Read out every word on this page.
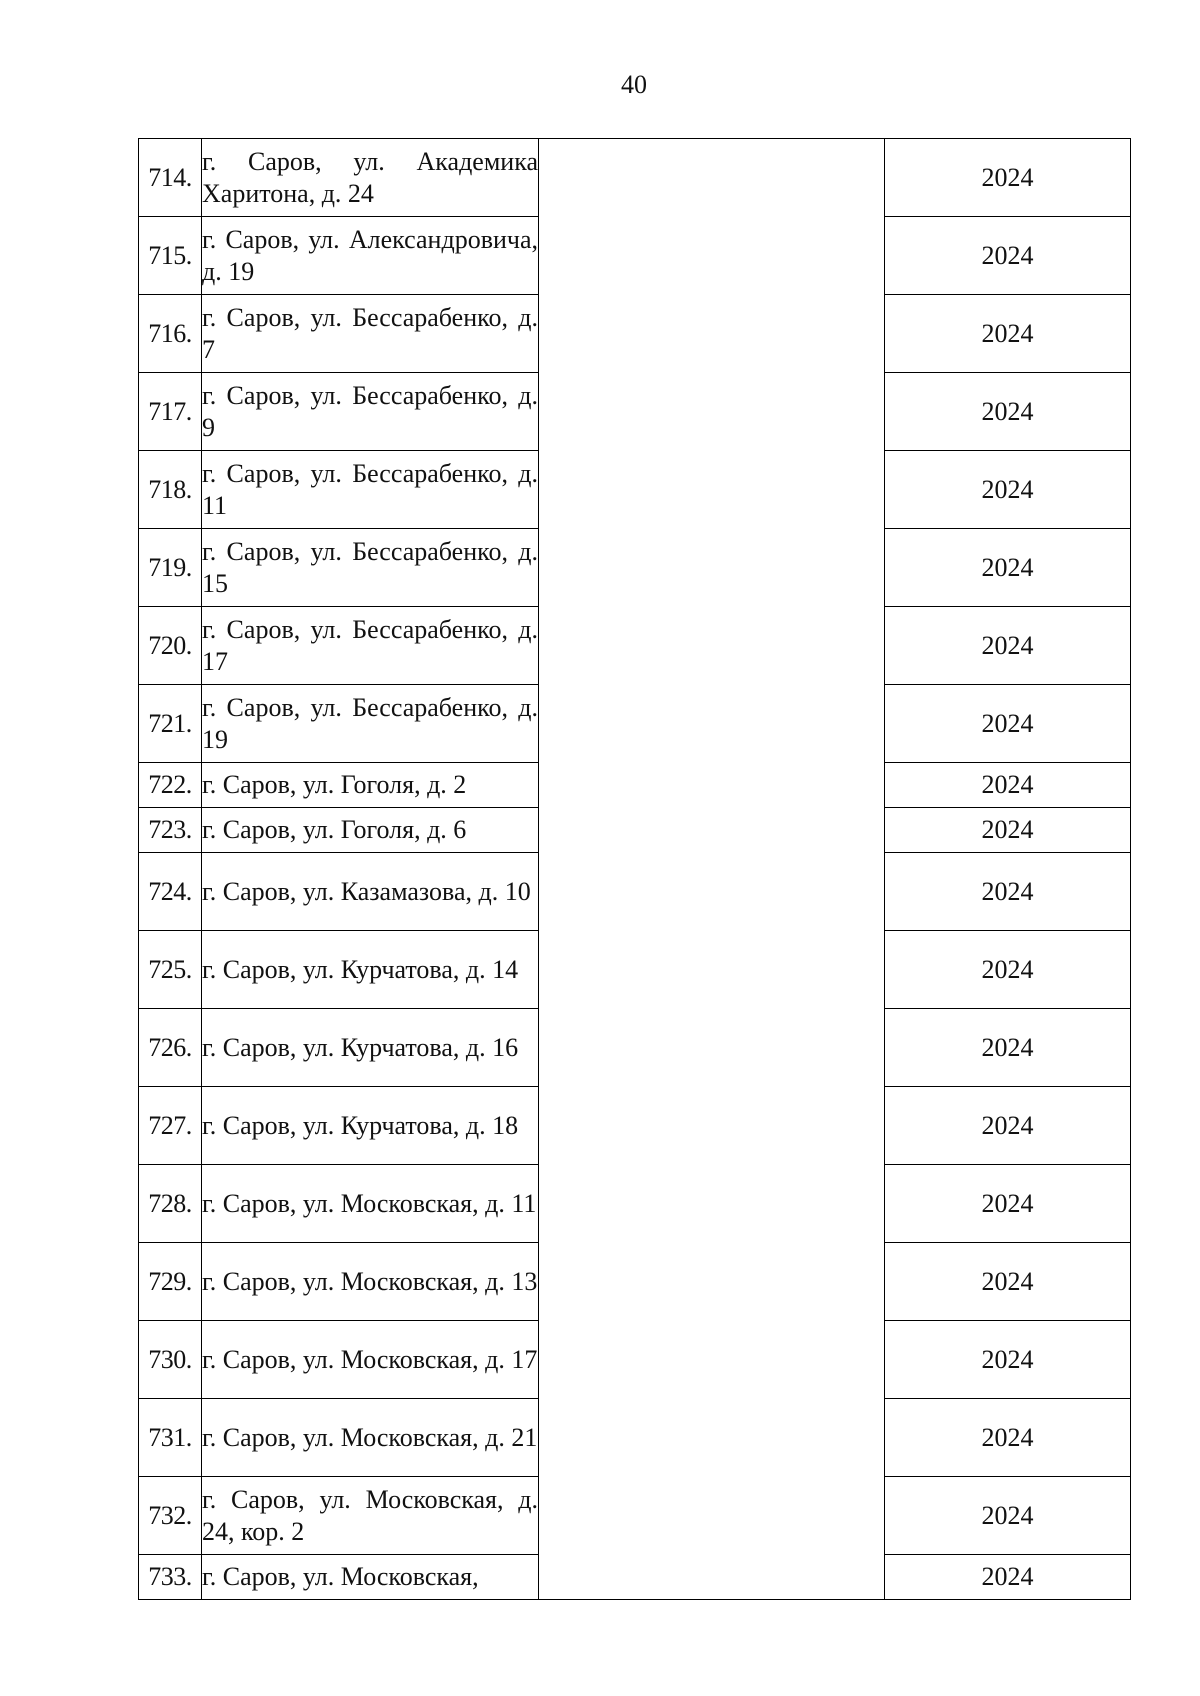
40
714.	г. Саров, ул. Академика Харитона, д. 24		2024
715.	г. Саров, ул. Александровича, д. 19		2024
716.	г. Саров, ул. Бессарабенко, д. 7		2024
717.	г. Саров, ул. Бессарабенко, д. 9		2024
718.	г. Саров, ул. Бессарабенко, д. 11		2024
719.	г. Саров, ул. Бессарабенко, д. 15		2024
720.	г. Саров, ул. Бессарабенко, д. 17		2024
721.	г. Саров, ул. Бессарабенко, д. 19		2024
722.	г. Саров, ул. Гоголя, д. 2		2024
723.	г. Саров, ул. Гоголя, д. 6		2024
724.	г. Саров, ул. Казамазова, д. 10		2024
725.	г. Саров, ул. Курчатова, д. 14		2024
726.	г. Саров, ул. Курчатова, д. 16		2024
727.	г. Саров, ул. Курчатова, д. 18		2024
728.	г. Саров, ул. Московская, д. 11		2024
729.	г. Саров, ул. Московская, д. 13		2024
730.	г. Саров, ул. Московская, д. 17		2024
731.	г. Саров, ул. Московская, д. 21		2024
732.	г. Саров, ул. Московская, д. 24, кор. 2		2024
733.	г. Саров, ул. Московская,		2024
